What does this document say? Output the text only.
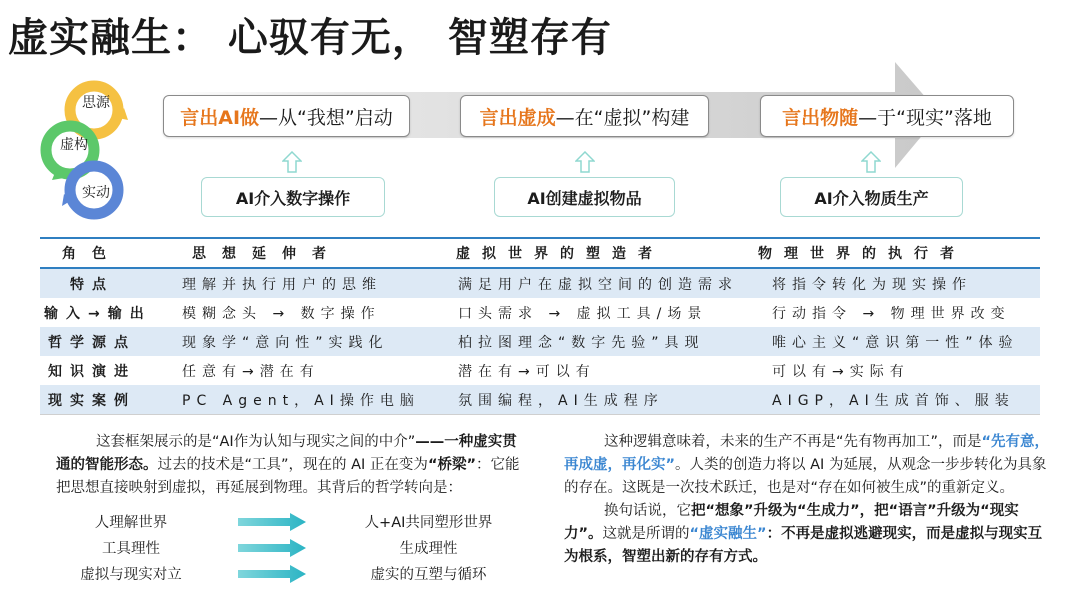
虚实融生： 心驭有无， 智塑存有
思源
虚构
实动
言出AI做 —从“我想”启动	言出虚成 —在“虚拟”构建	言出物随 —于“现实”落地
AI介入数字操作	AI创建虚拟物品	AI介入物质生产
角色	思想延伸者	虚拟世界的塑造者	物理世界的执行者
特点	理解并执行用户的思维	满足用户在虚拟空间的创造需求	将指令转化为现实操作
输入→输出	模糊念头 → 数字操作	口头需求 → 虚拟工具/场景	行动指令 → 物理世界改变
哲学源点	现象学“意向性”实践化	柏拉图理念“数字先验”具现	唯心主义“意识第一性”体验
知识演进	任意有→潜在有	潜在有→可以有	可以有→实际有
现实案例	PC Agent，AI操作电脑	氛围编程，AI生成程序	AIGP，AI生成首饰、服装
这套框架展示的是“AI作为认知与现实之间的中介”——一种虚实贯通的智能形态。过去的技术是“工具”，现在的 AI 正在变为“桥梁”：它能把思想直接映射到虚拟，再延展到物理。其背后的哲学转向是：
人理解世界	人+AI共同塑形世界
工具理性	生成理性
虚拟与现实对立	虚实的互塑与循环
这种逻辑意味着，未来的生产不再是“先有物再加工”，而是“先有意，再成虚，再化实”。人类的创造力将以 AI 为延展，从观念一步步转化为具象的存在。这既是一次技术跃迁，也是对“存在如何被生成”的重新定义。
换句话说，它把“想象”升级为“生成力”，把“语言”升级为“现实力”。这就是所谓的“虚实融生”：不再是虚拟逃避现实，而是虚拟与现实互为根系，智塑出新的存有方式。
